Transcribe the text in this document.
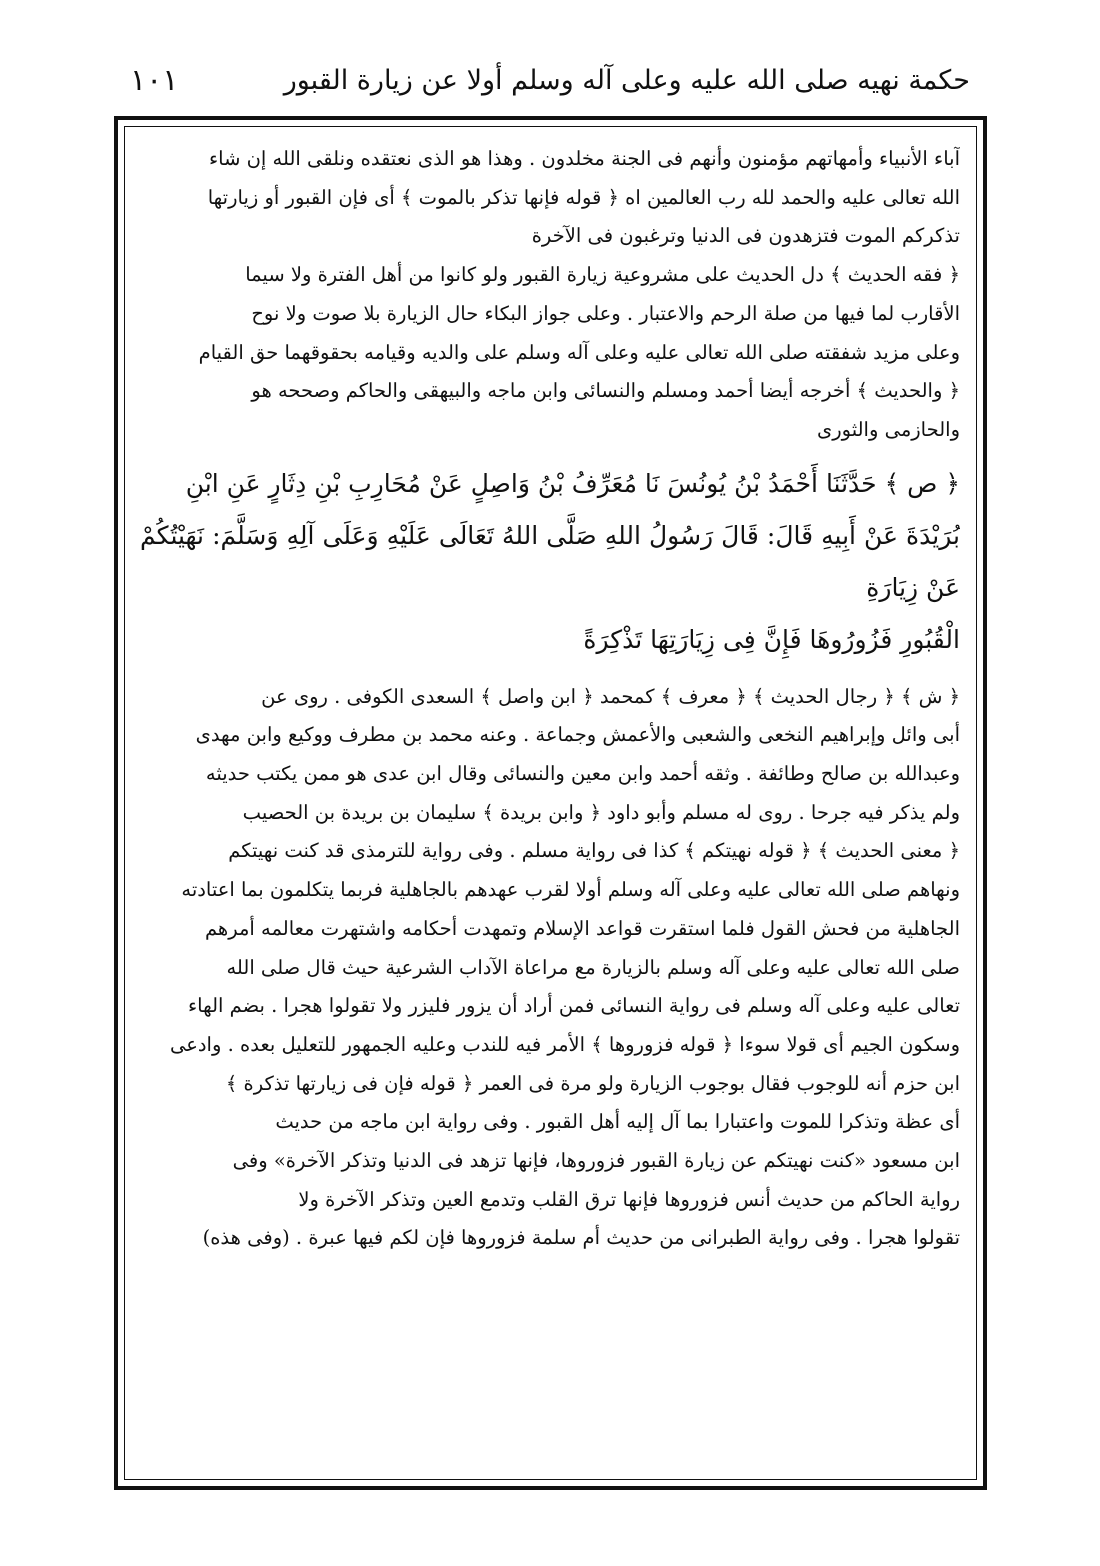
حكمة نهيه صلى الله عليه وعلى آله وسلم أولا عن زيارة القبور
١٠١

آباء الأنبياء وأمهاتهم مؤمنون وأنهم فى الجنة مخلدون . وهذا هو الذى نعتقده ونلقى الله إن شاء

الله تعالى عليه والحمد لله رب العالمين اه ﴿ قوله فإنها تذكر بالموت ﴾ أى فإن القبور أو زيارتها

تذكركم الموت فتزهدون فى الدنيا وترغبون فى الآخرة

﴿ فقه الحديث ﴾ دل الحديث على مشروعية زيارة القبور ولو كانوا من أهل الفترة ولا سيما

الأقارب لما فيها من صلة الرحم والاعتبار . وعلى جواز البكاء حال الزيارة بلا صوت ولا نوح

وعلى مزيد شفقته صلى الله تعالى عليه وعلى آله وسلم على والديه وقيامه بحقوقهما حق القيام

﴿ والحديث ﴾ أخرجه أيضا أحمد ومسلم والنسائى وابن ماجه والبيهقى والحاكم وصححه هو

والحازمى والثورى

﴿ ص ﴾ حَدَّثَنَا أَحْمَدُ بْنُ يُونُسَ نَا مُعَرِّفُ بْنُ وَاصِلٍ عَنْ مُحَارِبِ بْنِ دِثَارٍ عَنِ ابْنِ

بُرَيْدَةَ عَنْ أَبِيهِ قَالَ: قَالَ رَسُولُ اللهِ صَلَّى اللهُ تَعَالَى عَلَيْهِ وَعَلَى آلِهِ وَسَلَّمَ: نَهَيْتُكُمْ عَنْ زِيَارَةِ

الْقُبُورِ فَزُورُوهَا فَإِنَّ فِى زِيَارَتِهَا تَذْكِرَةً

﴿ ش ﴾ ﴿ رجال الحديث ﴾ ﴿ معرف ﴾ كمحمد ﴿ ابن واصل ﴾ السعدى الكوفى . روى عن

أبى وائل وإبراهيم النخعى والشعبى والأعمش وجماعة . وعنه محمد بن مطرف ووكيع وابن مهدى

وعبدالله بن صالح وطائفة . وثقه أحمد وابن معين والنسائى وقال ابن عدى هو ممن يكتب حديثه

ولم يذكر فيه جرحا . روى له مسلم وأبو داود ﴿ وابن بريدة ﴾ سليمان بن بريدة بن الحصيب

﴿ معنى الحديث ﴾ ﴿ قوله نهيتكم ﴾ كذا فى رواية مسلم . وفى رواية للترمذى قد كنت نهيتكم

ونهاهم صلى الله تعالى عليه وعلى آله وسلم أولا لقرب عهدهم بالجاهلية فربما يتكلمون بما اعتادته

الجاهلية من فحش القول فلما استقرت قواعد الإسلام وتمهدت أحكامه واشتهرت معالمه أمرهم

صلى الله تعالى عليه وعلى آله وسلم بالزيارة مع مراعاة الآداب الشرعية حيث قال صلى الله

تعالى عليه وعلى آله وسلم فى رواية النسائى فمن أراد أن يزور فليزر ولا تقولوا هجرا . بضم الهاء

وسكون الجيم أى قولا سوءا ﴿ قوله فزوروها ﴾ الأمر فيه للندب وعليه الجمهور للتعليل بعده . وادعى

ابن حزم أنه للوجوب فقال بوجوب الزيارة ولو مرة فى العمر ﴿ قوله فإن فى زيارتها تذكرة ﴾

أى عظة وتذكرا للموت واعتبارا بما آل إليه أهل القبور . وفى رواية ابن ماجه من حديث

ابن مسعود «كنت نهيتكم عن زيارة القبور فزوروها، فإنها تزهد فى الدنيا وتذكر الآخرة» وفى

رواية الحاكم من حديث أنس فزوروها فإنها ترق القلب وتدمع العين وتذكر الآخرة ولا

تقولوا هجرا . وفى رواية الطبرانى من حديث أم سلمة فزوروها فإن لكم فيها عبرة . (وفى هذه)
